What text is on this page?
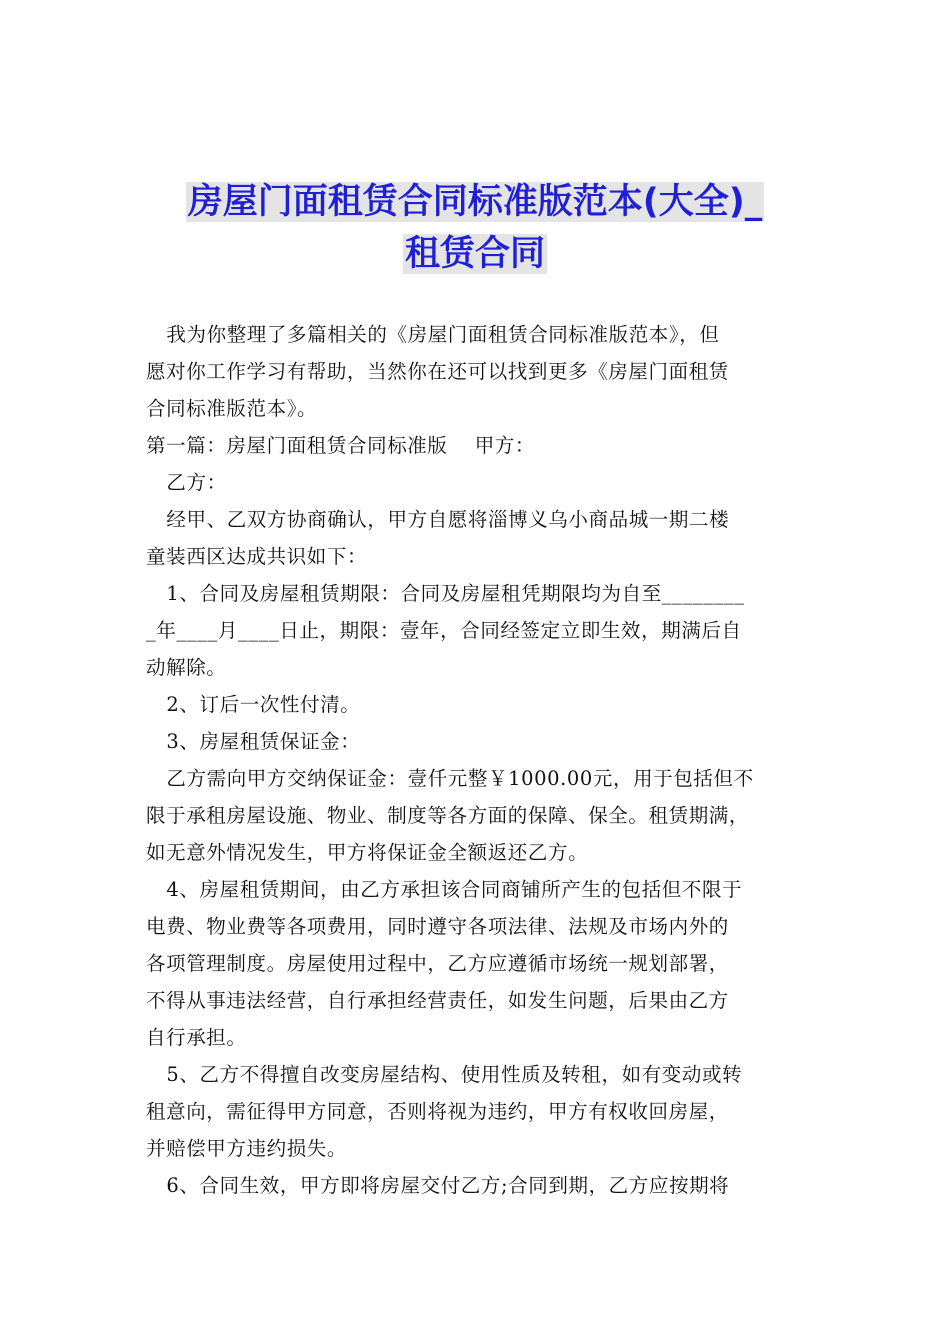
房屋门面租赁合同标准版范本(大全)_
租赁合同
我为你整理了多篇相关的《房屋门面租赁合同标准版范本》，但
愿对你工作学习有帮助，当然你在还可以找到更多《房屋门面租赁
合同标准版范本》。
第一篇：房屋门面租赁合同标准版    甲方：
乙方：
经甲、乙双方协商确认，甲方自愿将淄博义乌小商品城一期二楼
童装西区达成共识如下：
1、合同及房屋租赁期限：合同及房屋租凭期限均为自至________
_年____月____日止，期限：壹年，合同经签定立即生效，期满后自
动解除。
2、订后一次性付清。
3、房屋租赁保证金：
乙方需向甲方交纳保证金：壹仟元整￥1000.00元，用于包括但不
限于承租房屋设施、物业、制度等各方面的保障、保全。租赁期满，
如无意外情况发生，甲方将保证金全额返还乙方。
4、房屋租赁期间，由乙方承担该合同商铺所产生的包括但不限于
电费、物业费等各项费用，同时遵守各项法律、法规及市场内外的
各项管理制度。房屋使用过程中，乙方应遵循市场统一规划部署，
不得从事违法经营，自行承担经营责任，如发生问题，后果由乙方
自行承担。
5、乙方不得擅自改变房屋结构、使用性质及转租，如有变动或转
租意向，需征得甲方同意，否则将视为违约，甲方有权收回房屋，
并赔偿甲方违约损失。
6、合同生效，甲方即将房屋交付乙方;合同到期，乙方应按期将
